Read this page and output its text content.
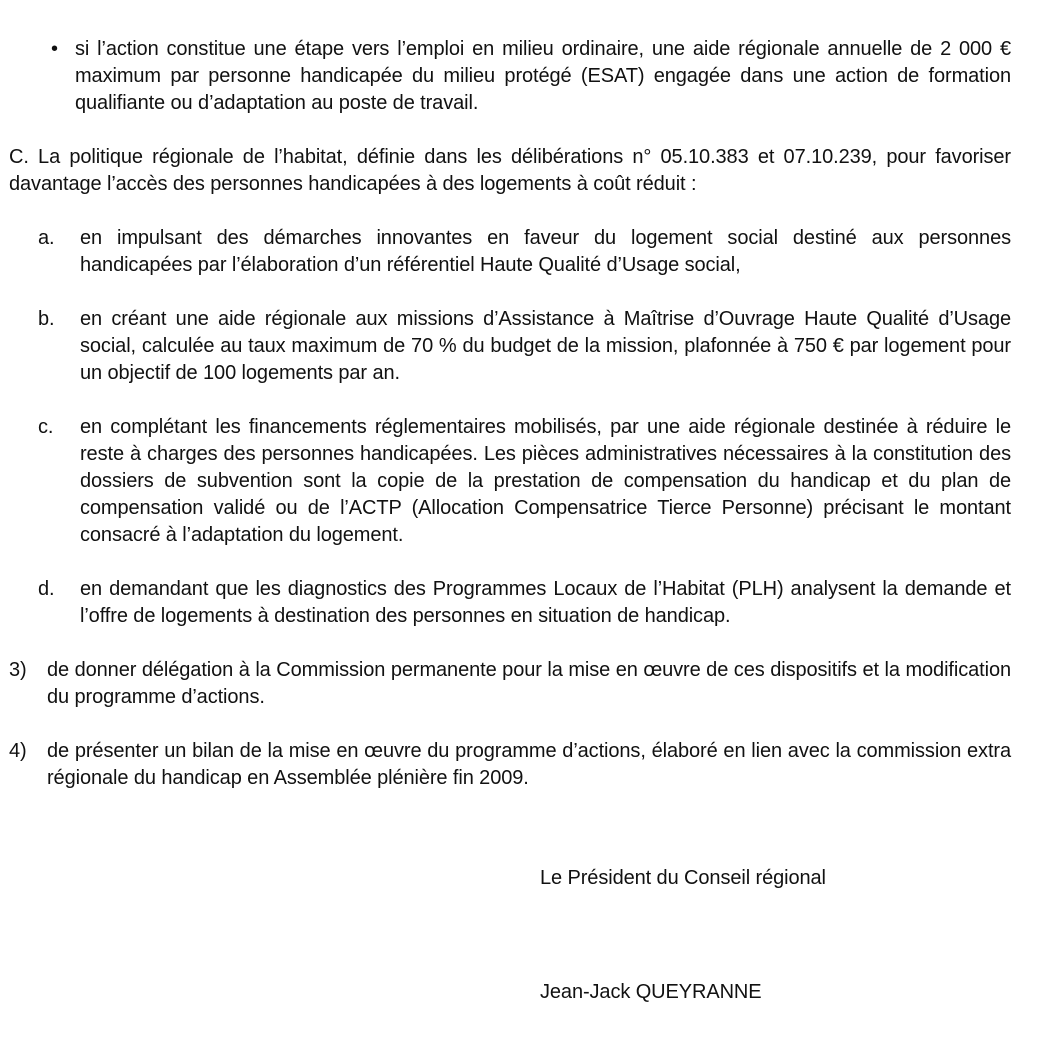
• si l’action constitue une étape vers l’emploi en milieu ordinaire, une aide régionale annuelle de 2 000 € maximum par personne handicapée du milieu protégé (ESAT) engagée dans une action de formation qualifiante ou d’adaptation au poste de travail.
C. La politique régionale de l’habitat, définie dans les délibérations n° 05.10.383 et 07.10.239, pour favoriser davantage l’accès des personnes handicapées à des logements à coût réduit :
a. en impulsant des démarches innovantes en faveur du logement social destiné aux personnes handicapées par l’élaboration d’un référentiel Haute Qualité d’Usage social,
b. en créant une aide régionale aux missions d’Assistance à Maîtrise d’Ouvrage Haute Qualité d’Usage social, calculée au taux maximum de 70 % du budget de la mission, plafonnée à 750 € par logement pour un objectif de 100 logements par an.
c. en complétant les financements réglementaires mobilisés, par une aide régionale destinée à réduire le reste à charges des personnes handicapées. Les pièces administratives nécessaires à la constitution des dossiers de subvention sont la copie de la prestation de compensation du handicap et du plan de compensation validé ou de l’ACTP (Allocation Compensatrice Tierce Personne) précisant le montant consacré à l’adaptation du logement.
d. en demandant que les diagnostics des Programmes Locaux de l’Habitat (PLH) analysent la demande et l’offre de logements à destination des personnes en situation de handicap.
3) de donner délégation à la Commission permanente pour la mise en œuvre de ces dispositifs et la modification du programme d’actions.
4) de présenter un bilan de la mise en œuvre du programme d’actions, élaboré en lien avec la commission extra régionale du handicap en Assemblée plénière fin 2009.
Le Président du Conseil régional
Jean-Jack QUEYRANNE
